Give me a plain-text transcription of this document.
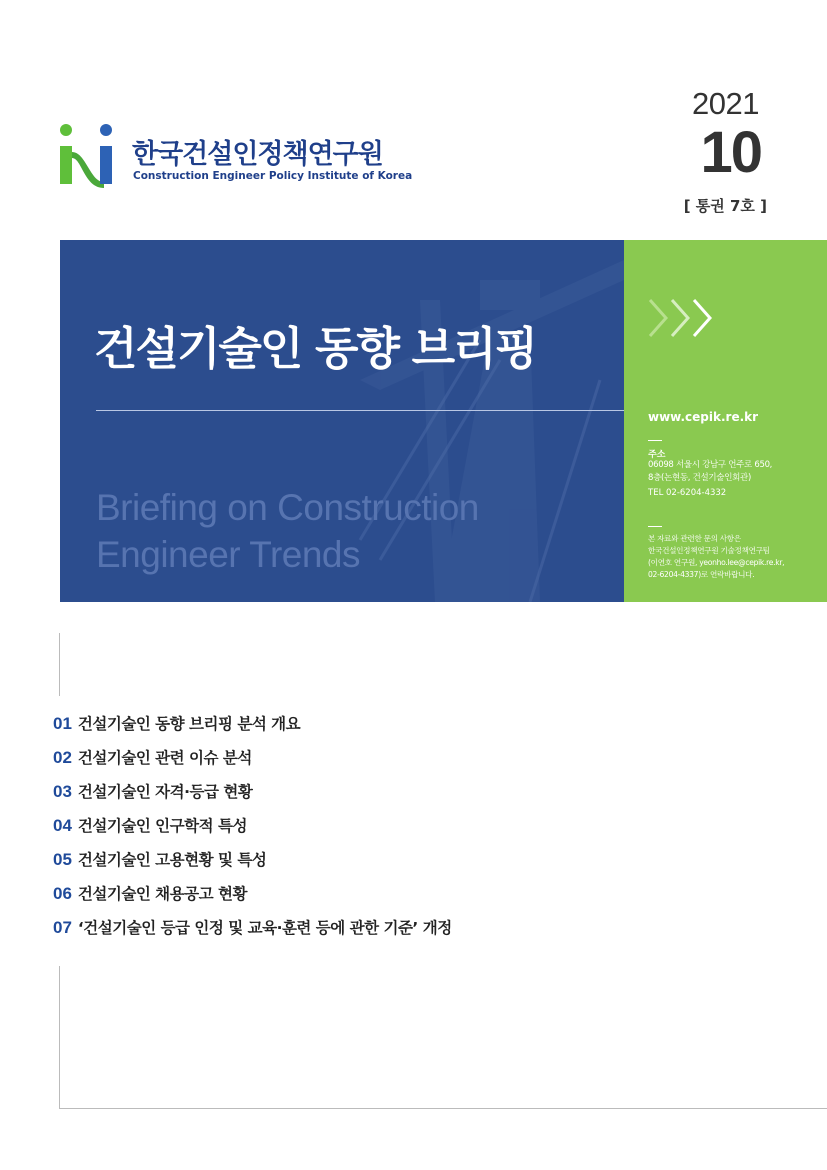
한국건설인정책연구원
Construction Engineer Policy Institute of Korea
2021
10
[ 통권 7호 ]
건설기술인 동향 브리핑
Briefing on Construction
Engineer Trends
www.cepik.re.kr
주소
06098 서울시 강남구 언주로 650,
8층(논현동, 건설기술인회관)
TEL 02-6204-4332
본 자료와 관련한 문의 사항은
한국건설인정책연구원 기술정책연구팀
(이연호 연구원, yeonho.lee@cepik.re.kr,
02-6204-4337)로 연락바랍니다.
01 건설기술인 동향 브리핑 분석 개요
02 건설기술인 관련 이슈 분석
03 건설기술인 자격·등급 현황
04 건설기술인 인구학적 특성
05 건설기술인 고용현황 및 특성
06 건설기술인 채용공고 현황
07 ‘건설기술인 등급 인정 및 교육·훈련 등에 관한 기준’ 개정
